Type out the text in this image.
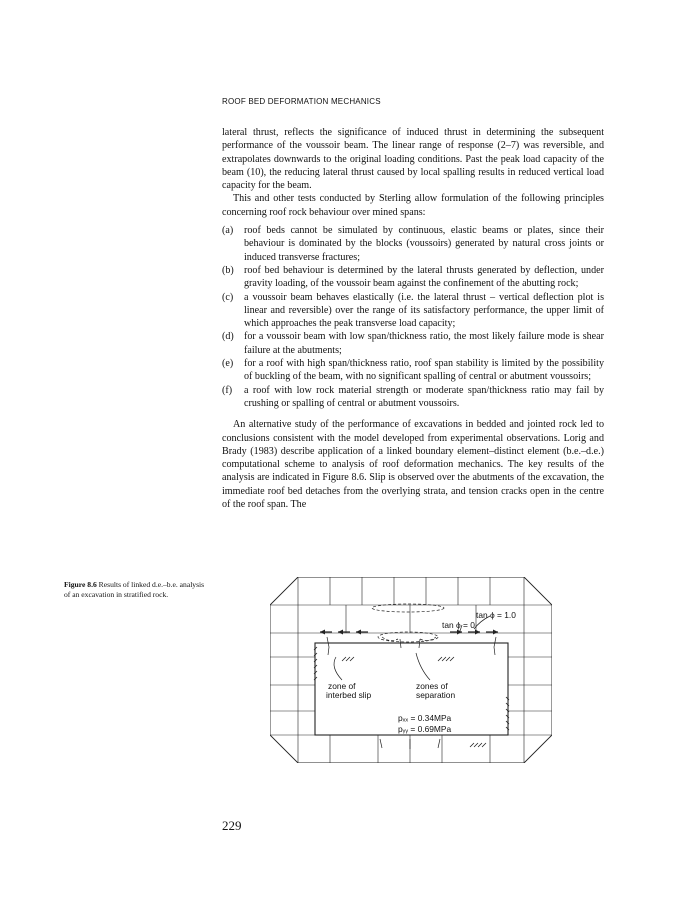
ROOF BED DEFORMATION MECHANICS

lateral thrust, reflects the significance of induced thrust in determining the subsequent performance of the voussoir beam. The linear range of response (2–7) was reversible, and extrapolates downwards to the original loading conditions. Past the peak load capacity of the beam (10), the reducing lateral thrust caused by local spalling results in reduced vertical load capacity for the beam.

This and other tests conducted by Sterling allow formulation of the following principles concerning roof rock behaviour over mined spans:

(a) roof beds cannot be simulated by continuous, elastic beams or plates, since their behaviour is dominated by the blocks (voussoirs) generated by natural cross joints or induced transverse fractures;
(b) roof bed behaviour is determined by the lateral thrusts generated by deflection, under gravity loading, of the voussoir beam against the confinement of the abutting rock;
(c) a voussoir beam behaves elastically (i.e. the lateral thrust – vertical deflection plot is linear and reversible) over the range of its satisfactory performance, the upper limit of which approaches the peak transverse load capacity;
(d) for a voussoir beam with low span/thickness ratio, the most likely failure mode is shear failure at the abutments;
(e) for a roof with high span/thickness ratio, roof span stability is limited by the possibility of buckling of the beam, with no significant spalling of central or abutment voussoirs;
(f) a roof with low rock material strength or moderate span/thickness ratio may fail by crushing or spalling of central or abutment voussoirs.

An alternative study of the performance of excavations in bedded and jointed rock led to conclusions consistent with the model developed from experimental observations. Lorig and Brady (1983) describe application of a linked boundary element–distinct element (b.e.–d.e.) computational scheme to analysis of roof deformation mechanics. The key results of the analysis are indicated in Figure 8.6. Slip is observed over the abutments of the excavation, the immediate roof bed detaches from the overlying strata, and tension cracks open in the centre of the roof span. The

Figure 8.6 Results of linked d.e.–b.e. analysis of an excavation in stratified rock.
tan ϕ = 1.0
tan ϕ = 0
zone of
interbed slip
zones of
separation
pₓₓ = 0.34MPa
pᵧᵧ = 0.69MPa
229
